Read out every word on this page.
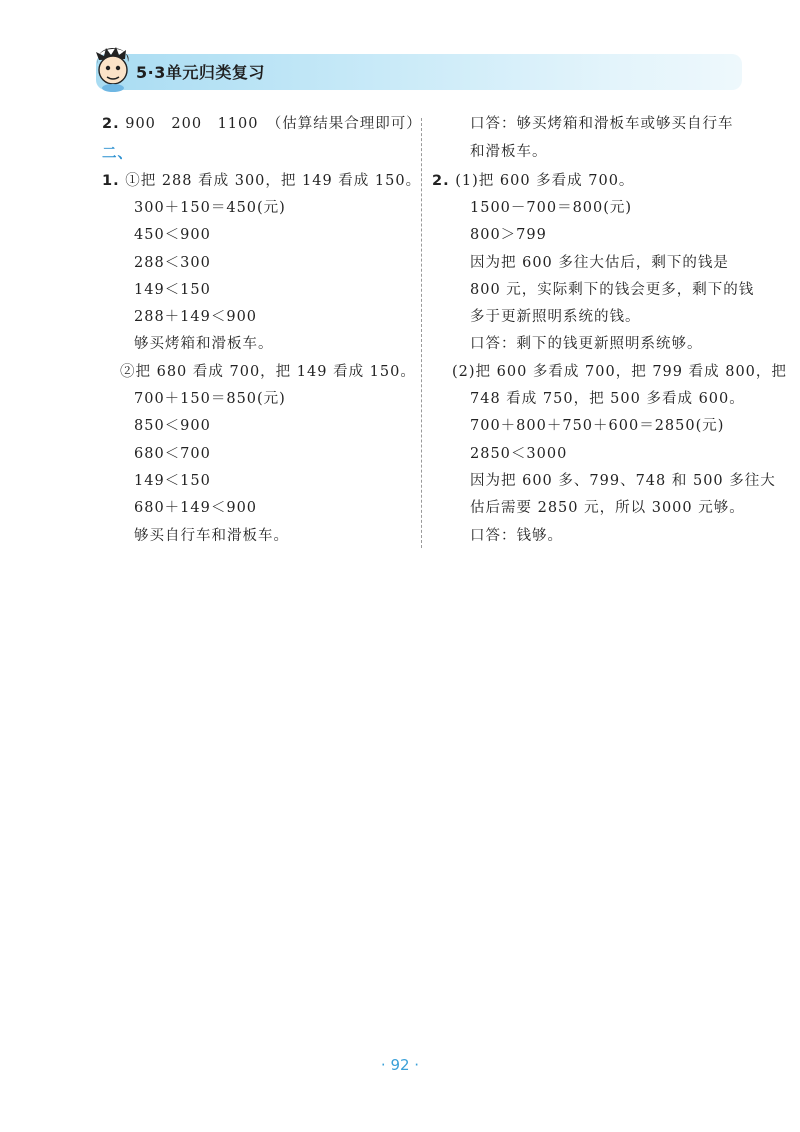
5·3单元归类复习
2. 900　200　1100　（估算结果合理即可）
二、
1. ①把 288 看成 300，把 149 看成 150。
300＋150＝450(元)
450＜900
288＜300
149＜150
288＋149＜900
够买烤箱和滑板车。
②把 680 看成 700，把 149 看成 150。
700＋150＝850(元)
850＜900
680＜700
149＜150
680＋149＜900
够买自行车和滑板车。
口答：够买烤箱和滑板车或够买自行车
和滑板车。
2. (1)把 600 多看成 700。
1500－700＝800(元)
800＞799
因为把 600 多往大估后，剩下的钱是
800 元，实际剩下的钱会更多，剩下的钱
多于更新照明系统的钱。
口答：剩下的钱更新照明系统够。
(2)把 600 多看成 700，把 799 看成 800，把
748 看成 750，把 500 多看成 600。
700＋800＋750＋600＝2850(元)
2850＜3000
因为把 600 多、799、748 和 500 多往大
估后需要 2850 元，所以 3000 元够。
口答：钱够。
· 92 ·
